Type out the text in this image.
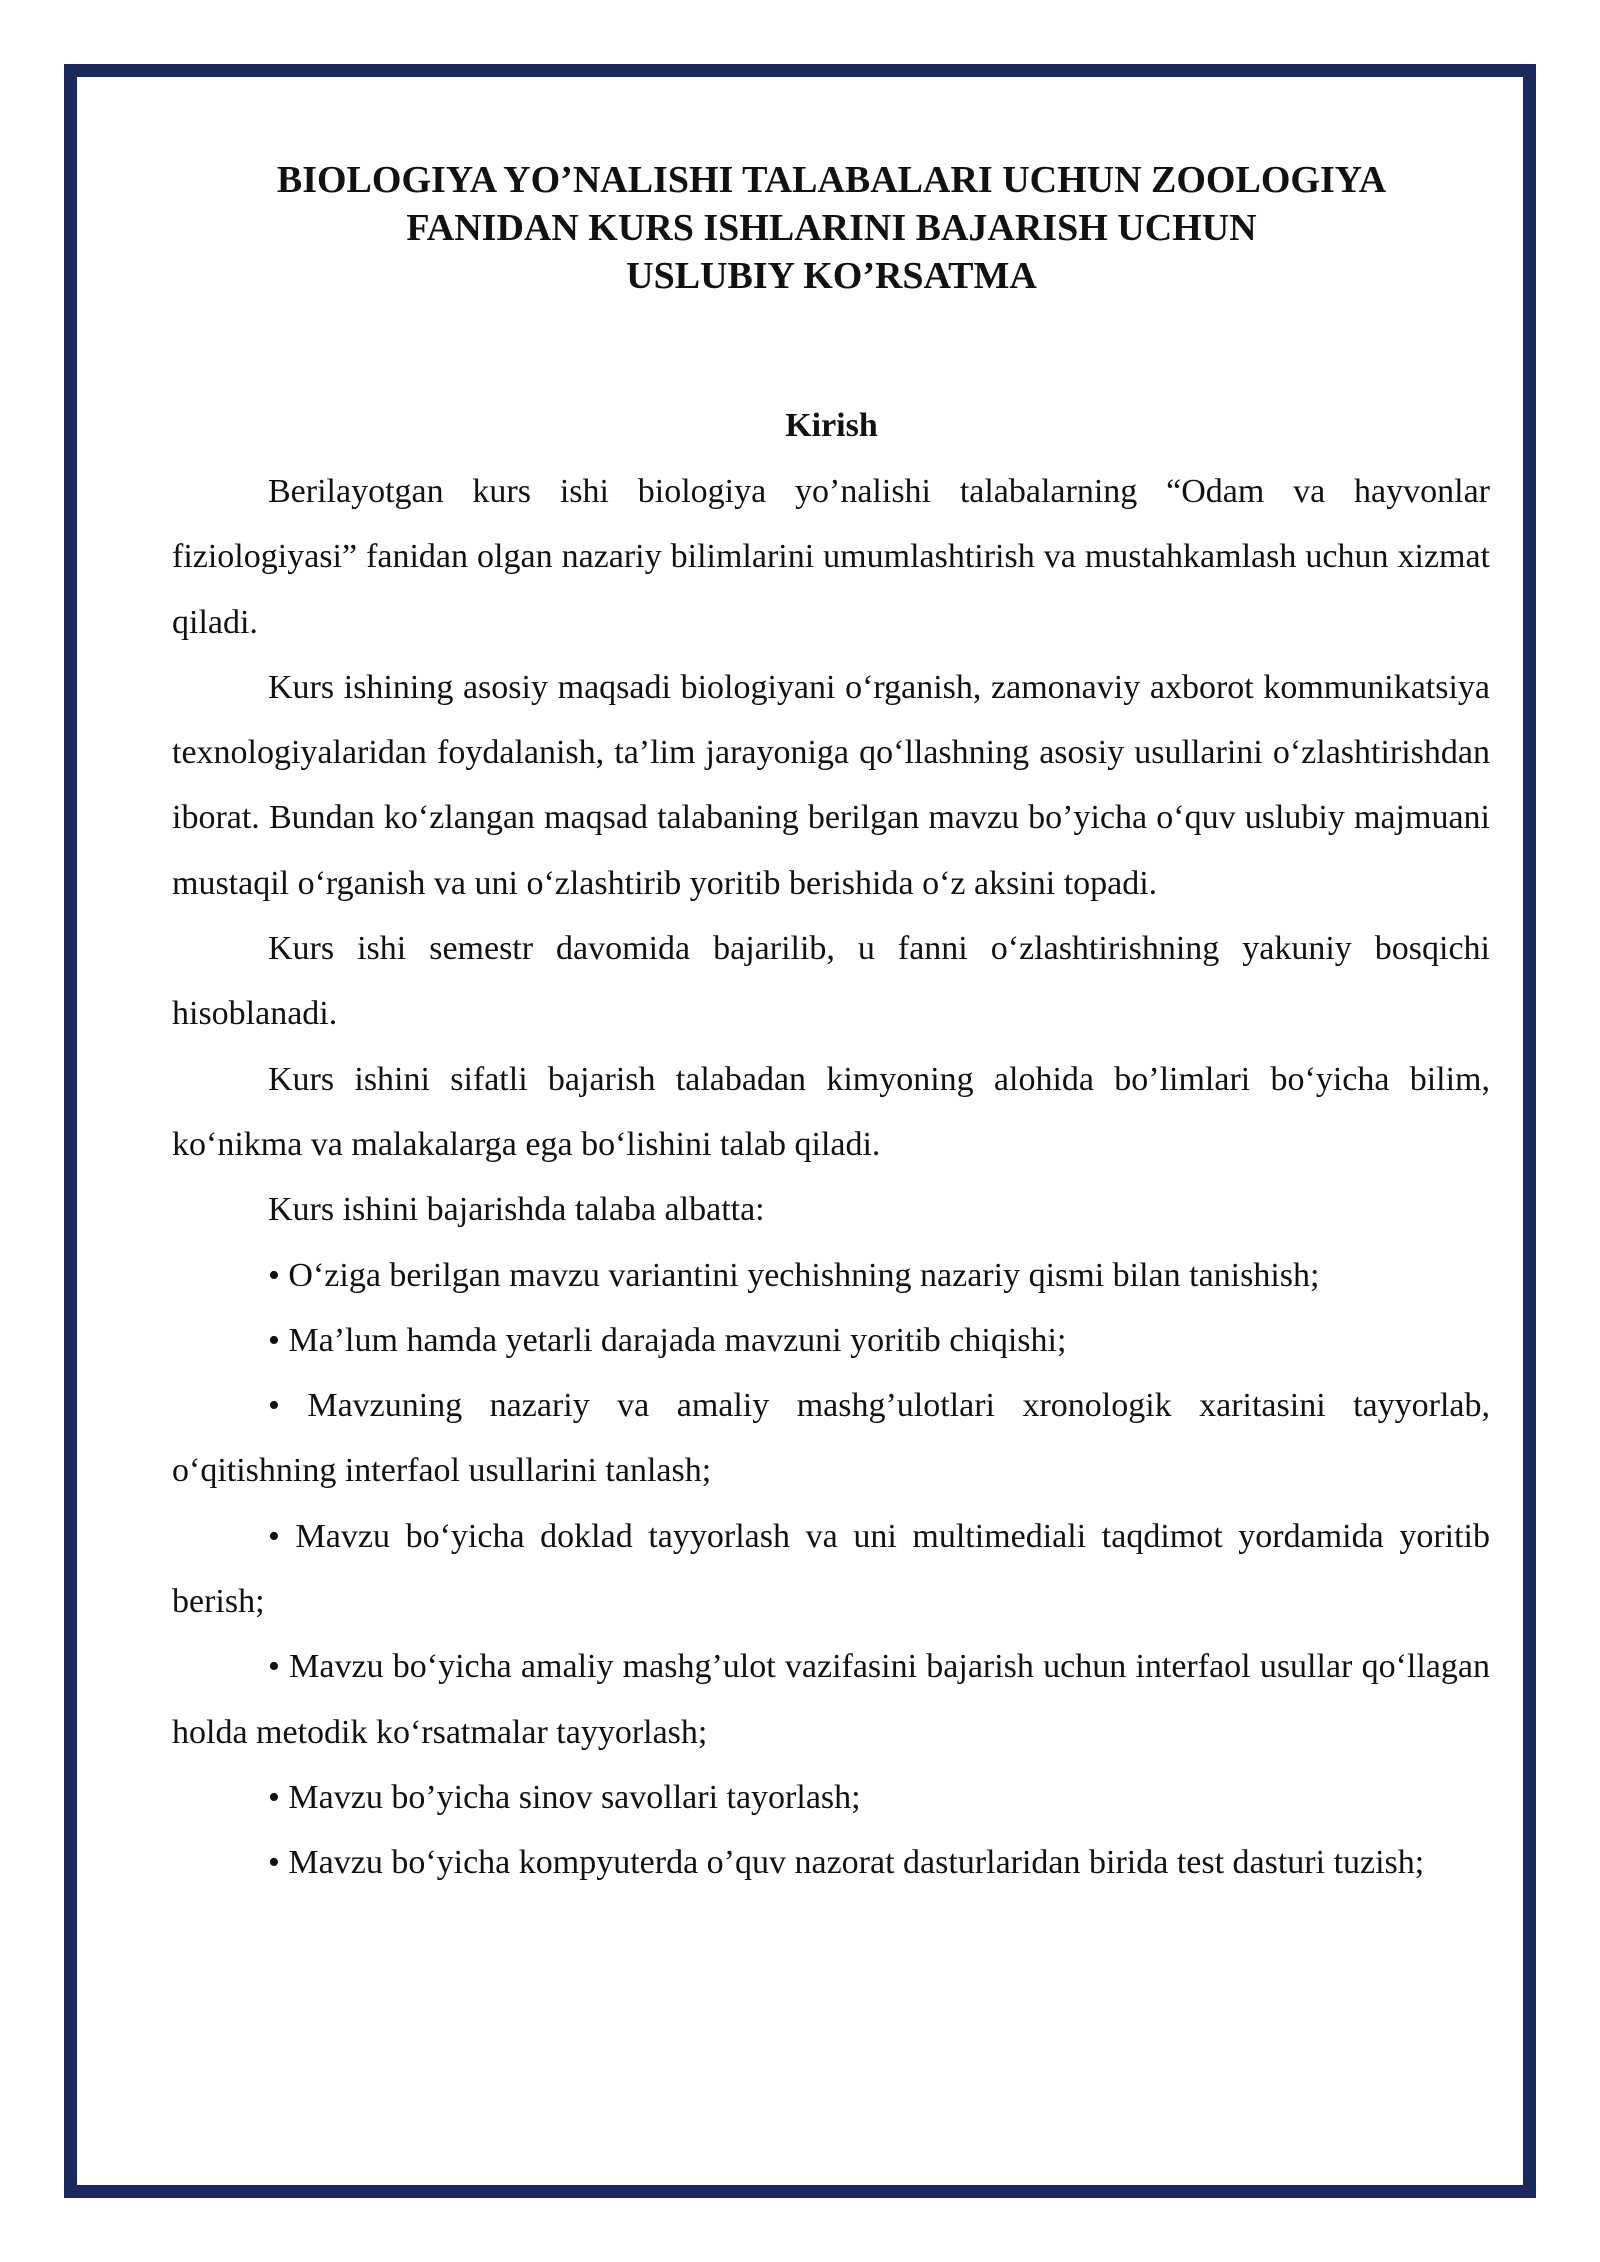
BIOLOGIYA YO’NALISHI TALABALARI UCHUN ZOOLOGIYA
FANIDAN KURS ISHLARINI BAJARISH UCHUN
USLUBIY KO’RSATMA
Kirish

Berilayotgan kurs ishi biologiya yo’nalishi talabalarning “Odam va hayvonlar fiziologiyasi” fanidan olgan nazariy bilimlarini umumlashtirish va mustahkamlash uchun xizmat qiladi.

Kurs ishining asosiy maqsadi biologiyani o‘rganish, zamonaviy axborot kommunikatsiya texnologiyalaridan foydalanish, ta’lim jarayoniga qo‘llashning asosiy usullarini o‘zlashtirishdan iborat. Bundan ko‘zlangan maqsad talabaning berilgan mavzu bo’yicha o‘quv uslubiy majmuani mustaqil o‘rganish va uni o‘zlashtirib yoritib berishida o‘z aksini topadi.

Kurs ishi semestr davomida bajarilib, u fanni o‘zlashtirishning yakuniy bosqichi hisoblanadi.

Kurs ishini sifatli bajarish talabadan kimyoning alohida bo’limlari bo‘yicha bilim, ko‘nikma va malakalarga ega bo‘lishini talab qiladi.

Kurs ishini bajarishda talaba albatta:

• O‘ziga berilgan mavzu variantini yechishning nazariy qismi bilan tanishish;

• Ma’lum hamda yetarli darajada mavzuni yoritib chiqishi;

• Mavzuning nazariy va amaliy mashg’ulotlari xronologik xaritasini tayyorlab, o‘qitishning interfaol usullarini tanlash;

• Mavzu bo‘yicha doklad tayyorlash va uni multimediali taqdimot yordamida yoritib berish;

• Mavzu bo‘yicha amaliy mashg’ulot vazifasini bajarish uchun interfaol usullar qo‘llagan holda metodik ko‘rsatmalar tayyorlash;

• Mavzu bo’yicha sinov savollari tayorlash;

• Mavzu bo‘yicha kompyuterda o’quv nazorat dasturlaridan birida test dasturi tuzish;
